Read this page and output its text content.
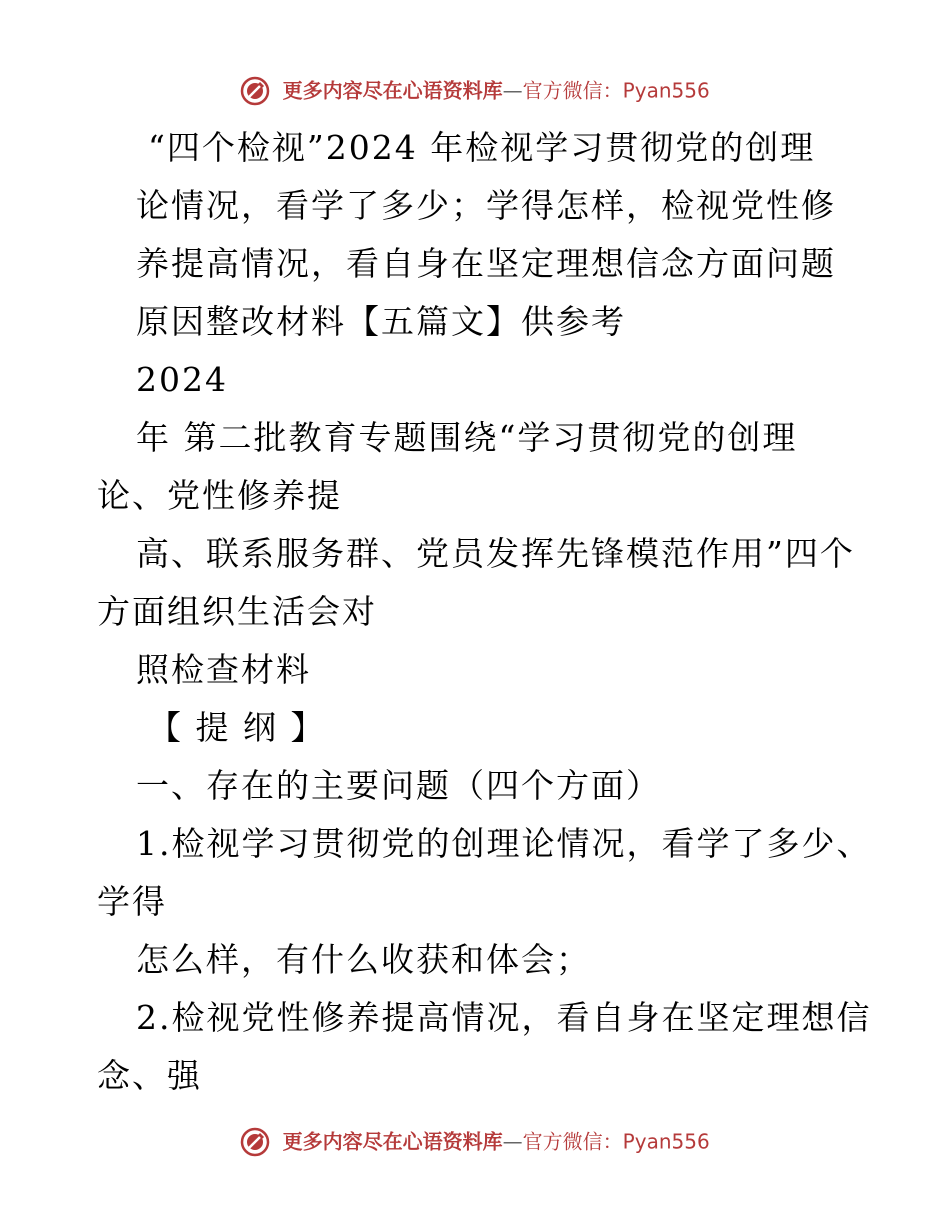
更多内容尽在心语资料库—官方微信：Pyan556
“四个检视”2024 年检视学习贯彻党的创理
论情况，看学了多少；学得怎样，检视党性修
养提高情况，看自身在坚定理想信念方面问题
原因整改材料【五篇文】供参考
2024
年 第二批教育专题围绕“学习贯彻党的创理
论、党性修养提
高、联系服务群、党员发挥先锋模范作用”四个
方面组织生活会对
照检查材料
【 提 纲 】
一、存在的主要问题（四个方面）
1.检视学习贯彻党的创理论情况，看学了多少、
学得
怎么样，有什么收获和体会；
2.检视党性修养提高情况，看自身在坚定理想信
念、强
更多内容尽在心语资料库—官方微信：Pyan556
